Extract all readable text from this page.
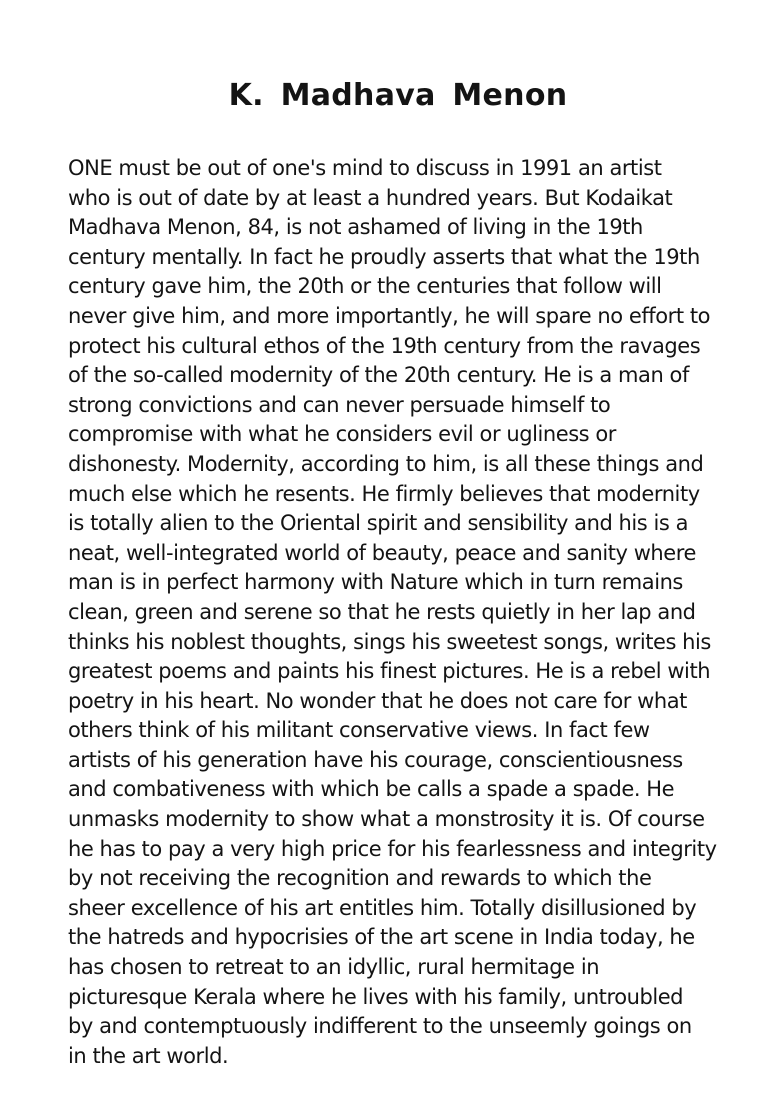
K. Madhava Menon
ONE must be out of one's mind to discuss in 1991 an artist
who is out of date by at least a hundred years. But Kodaikat
Madhava Menon, 84, is not ashamed of living in the 19th
century mentally. In fact he proudly asserts that what the 19th
century gave him, the 20th or the centuries that follow will
never give him, and more importantly, he will spare no effort to
protect his cultural ethos of the 19th century from the ravages
of the so-called modernity of the 20th century. He is a man of
strong convictions and can never persuade himself to
compromise with what he considers evil or ugliness or
dishonesty. Modernity, according to him, is all these things and
much else which he resents. He firmly believes that modernity
is totally alien to the Oriental spirit and sensibility and his is a
neat, well-integrated world of beauty, peace and sanity where
man is in perfect harmony with Nature which in turn remains
clean, green and serene so that he rests quietly in her lap and
thinks his noblest thoughts, sings his sweetest songs, writes his
greatest poems and paints his finest pictures. He is a rebel with
poetry in his heart. No wonder that he does not care for what
others think of his militant conservative views. In fact few
artists of his generation have his courage, conscientiousness
and combativeness with which be calls a spade a spade. He
unmasks modernity to show what a monstrosity it is. Of course
he has to pay a very high price for his fearlessness and integrity
by not receiving the recognition and rewards to which the
sheer excellence of his art entitles him. Totally disillusioned by
the hatreds and hypocrisies of the art scene in India today, he
has chosen to retreat to an idyllic, rural hermitage in
picturesque Kerala where he lives with his family, untroubled
by and contemptuously indifferent to the unseemly goings on
in the art world.
